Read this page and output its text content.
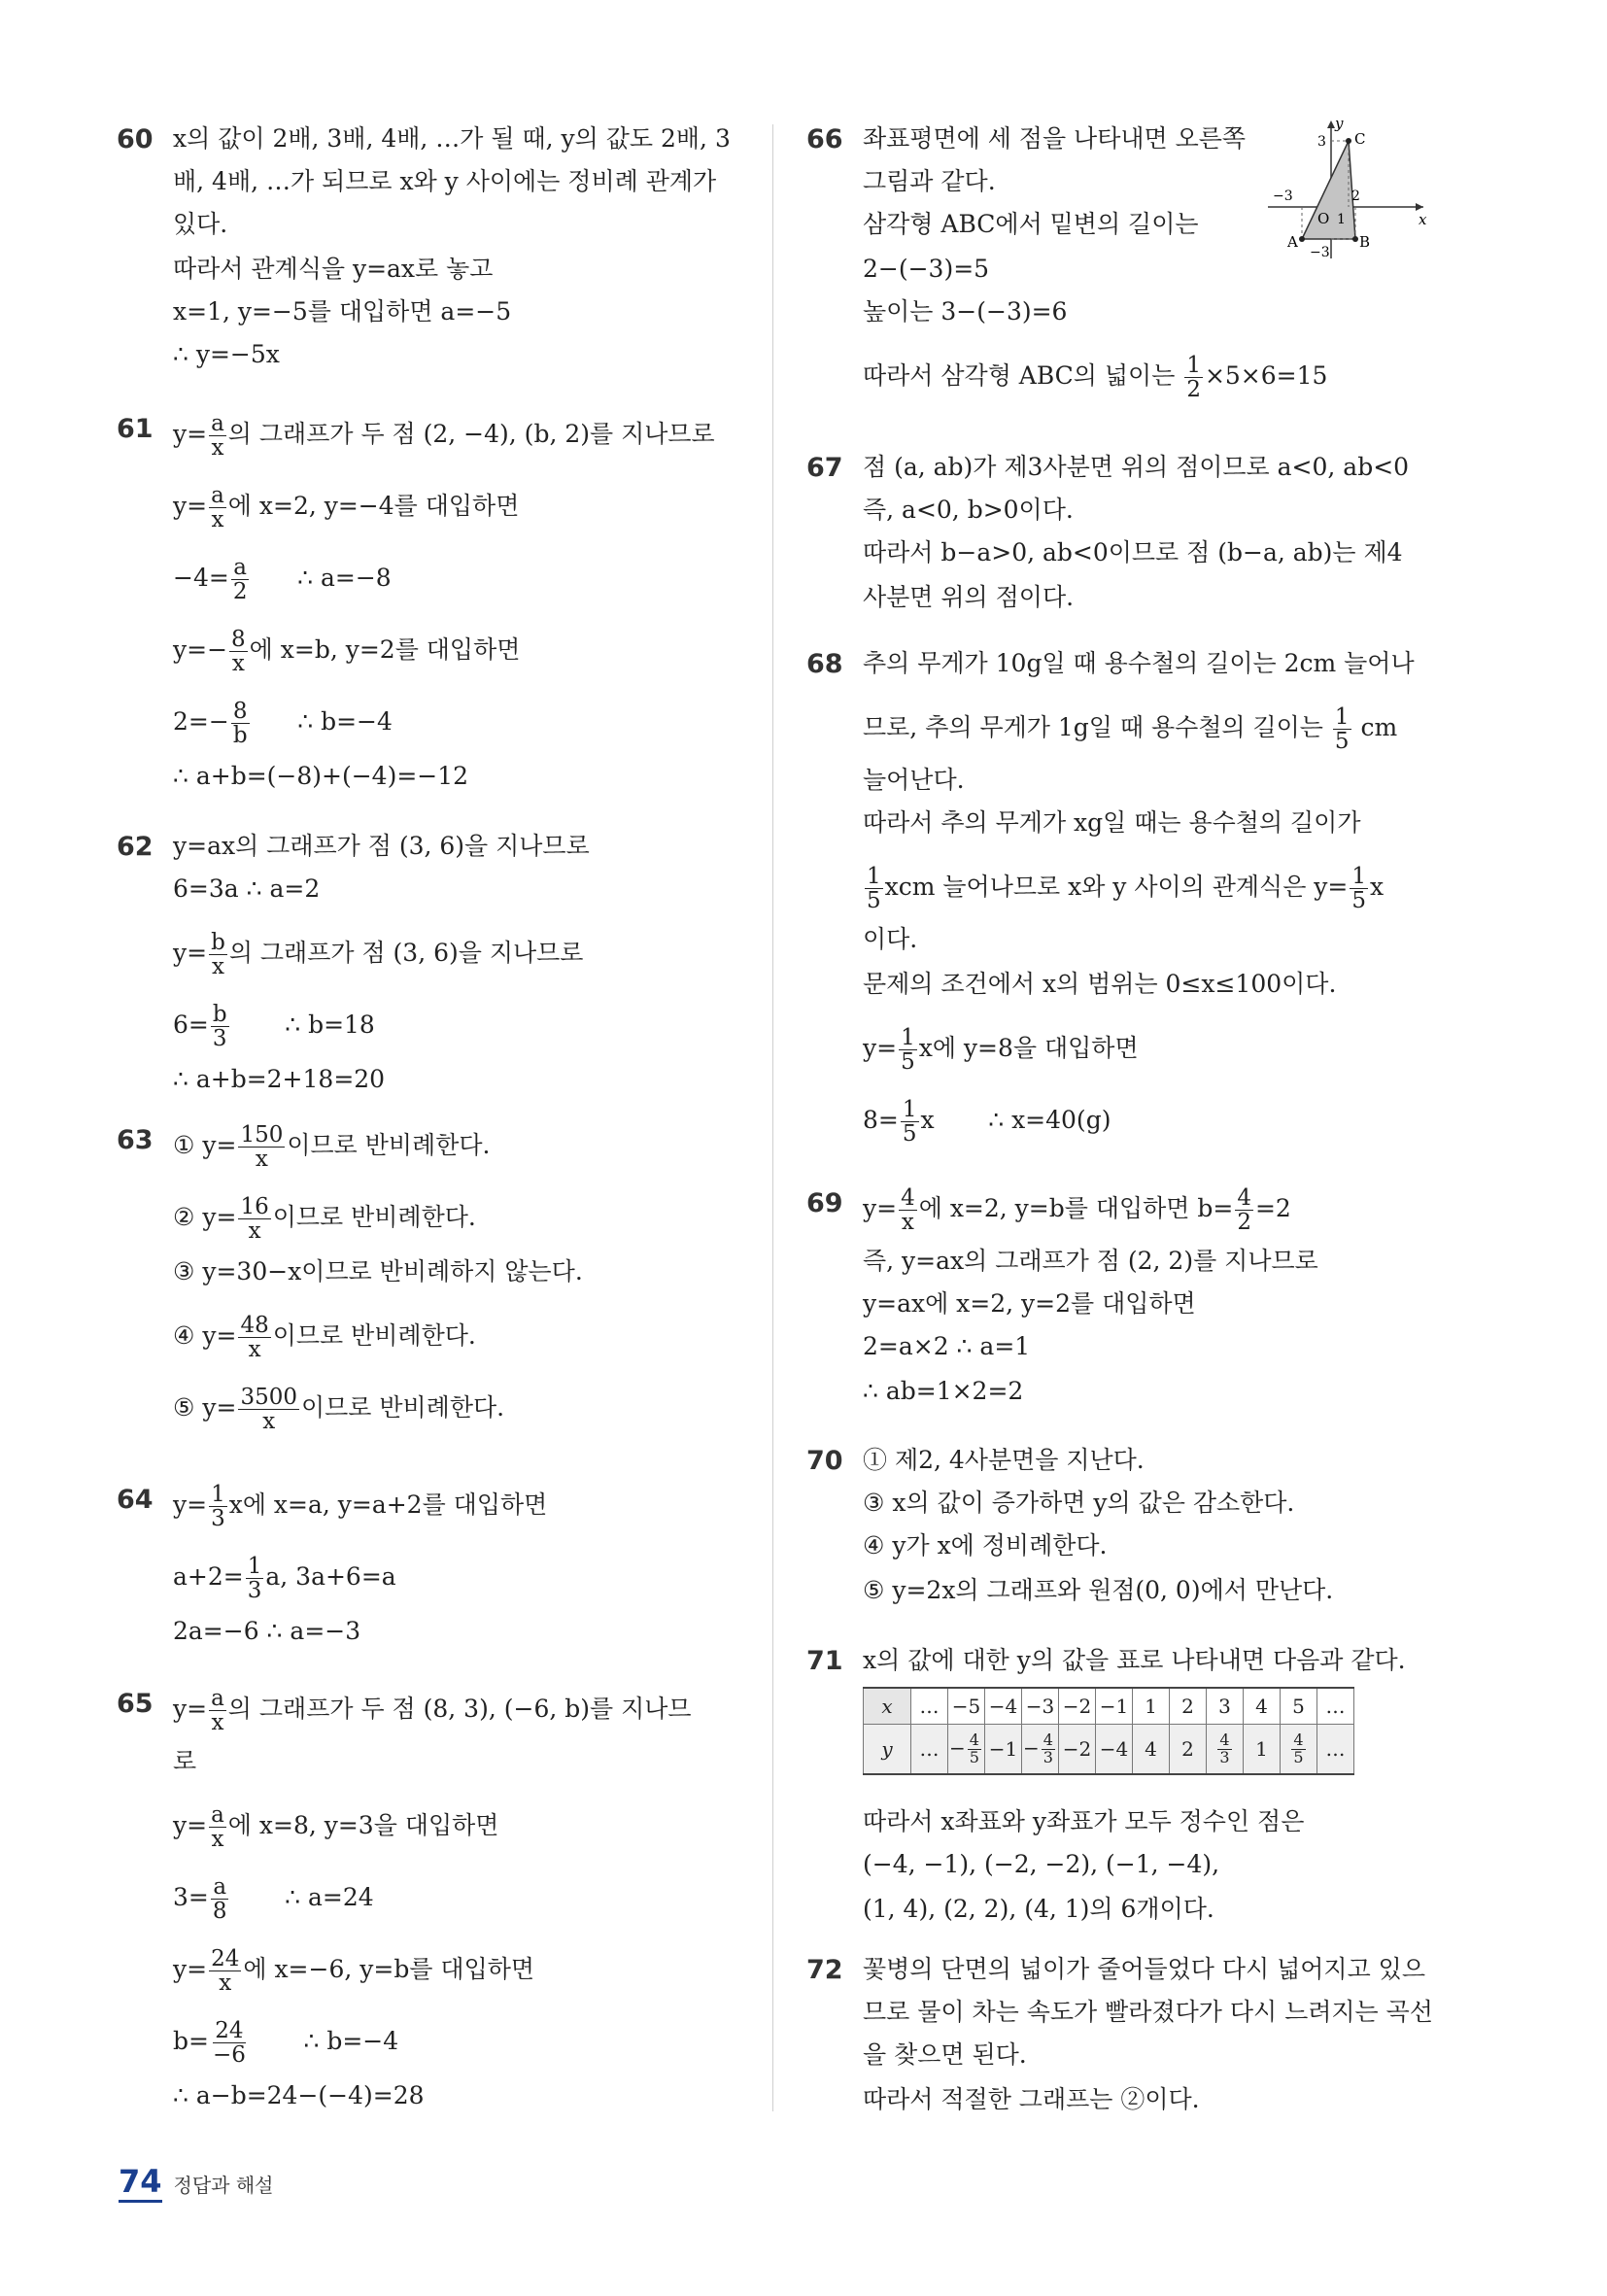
60 x의 값이 2배, 3배, 4배, …가 될 때, y의 값도 2배, 3
배, 4배, …가 되므로 x와 y 사이에는 정비례 관계가
있다.
따라서 관계식을 y=ax로 놓고
x=1, y=−5를 대입하면 a=−5
∴ y=−5x
61 $y= \frac{a}{x}$ 의 그래프가 두 점 (2, −4), (b, 2)를 지나므로
$y= \frac{a}{x}$ 에 x=2, y=−4를 대입하면
$-4= \frac{a}{2}$ ∴ a=−8
$y=- \frac{8}{x}$ 에 x=b, y=2를 대입하면
$2=- \frac{8}{b}$ ∴ b=−4
∴ a+b=(−8)+(−4)=−12
62 y=ax의 그래프가 점 (3, 6)을 지나므로
6=3a ∴ a=2
$y= \frac{b}{x}$ 의 그래프가 점 (3, 6)을 지나므로
$6= \frac{b}{3}$ ∴ b=18
∴ a+b=2+18=20
63 ① $y= \frac{150}{x}$ 이므로 반비례한다.
② $y= \frac{16}{x}$ 이므로 반비례한다.
③ y=30−x이므로 반비례하지 않는다.
④ $y= \frac{48}{x}$ 이므로 반비례한다.
⑤ $y= \frac{3500}{x}$ 이므로 반비례한다.
64 $y= \frac{1}{3}$ x에 x=a, y=a+2를 대입하면
$a+2= \frac{1}{3} a$, 3a+6=a
2a=−6 ∴ a=−3
65 $y= \frac{a}{x}$ 의 그래프가 두 점 (8, 3), (−6, b)를 지나므
로
$y= \frac{a}{x}$ 에 x=8, y=3을 대입하면
$3= \frac{a}{8}$ ∴ a=24
$y= \frac{24}{x}$ 에 x=−6, y=b를 대입하면
$b= \frac{24}{-6}$ ∴ b=−4
∴ a−b=24−(−4)=28
x
y
O
A	B
C
3
−3	2
1
−3
66 좌표평면에 세 점을 나타내면 오른쪽
그림과 같다.
삼각형 ABC에서 밑변의 길이는
2−(−3)=5
높이는 3−(−3)=6
따라서 삼각형 ABC의 넓이는 $\frac{1}{2} \times 5\times 6=15$
67 점 (a, ab)가 제3사분면 위의 점이므로 a<0, ab<0
즉, a<0, b>0이다.
따라서 b−a>0, ab<0이므로 점 (b−a, ab)는 제4
사분면 위의 점이다.
68 추의 무게가 10g일 때 용수철의 길이는 2cm 늘어나
므로, 추의 무게가 1g일 때 용수철의 길이는 $\frac{1}{5}$ cm
늘어난다.
따라서 추의 무게가 xg일 때는 용수철의 길이가
$\frac{1}{5}$ xcm 늘어나므로 x와 y 사이의 관계식은 $y= \frac{1}{5}$ x
이다.
문제의 조건에서 x의 범위는 0≤x≤100이다.
$y= \frac{1}{5}$ x에 y=8을 대입하면
$8= \frac{1}{5}$ x       ∴ x=40(g)
69 $y= \frac{4}{x}$ 에 x=2, y=b를 대입하면 $b= \frac{4}{2} =2$
즉, y=ax의 그래프가 점 (2, 2)를 지나므로
y=ax에 x=2, y=2를 대입하면
2=a×2 ∴ a=1
∴ ab=1×2=2
70 ① 제2, 4사분면을 지난다.
③ x의 값이 증가하면 y의 값은 감소한다.
④ y가 x에 정비례한다.
⑤ y=2x의 그래프와 원점(0, 0)에서 만난다.
x	…	−5	−4	−3	−2	−1	1	2	3	4	5	…
y	…	− $\frac{4}{5}$	−1	− $\frac{4}{3}$	−2	−4	4	2	$\frac{4}{3}$	1	$\frac{4}{5}$	…
71 x의 값에 대한 y의 값을 표로 나타내면 다음과 같다.
따라서 x좌표와 y좌표가 모두 정수인 점은
(−4, −1), (−2, −2), (−1, −4),
(1, 4), (2, 2), (4, 1)의 6개이다.
72 꽃병의 단면의 넓이가 줄어들었다 다시 넓어지고 있으
므로 물이 차는 속도가 빨라졌다가 다시 느려지는 곡선
을 찾으면 된다.
따라서 적절한 그래프는 ②이다.
74 정답과 해설
